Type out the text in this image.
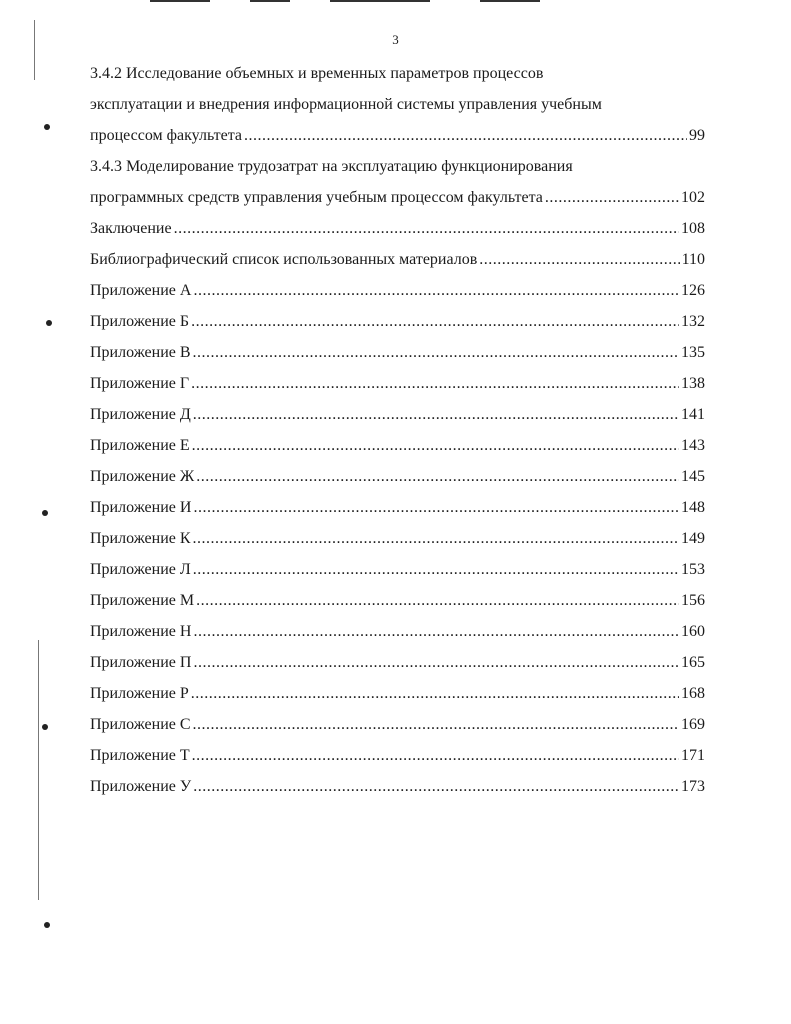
3
3.4.2 Исследование объемных и временных параметров процессов
эксплуатации и внедрения информационной системы управления учебным
процессом факультета .....	99
3.4.3 Моделирование трудозатрат на эксплуатацию функционирования
программных средств управления учебным процессом факультета .....	102
Заключение .....	108
Библиографический список использованных материалов .....	110
Приложение А .....	126
Приложение Б .....	132
Приложение В .....	135
Приложение Г .....	138
Приложение Д .....	141
Приложение Е .....	143
Приложение Ж .....	145
Приложение И .....	148
Приложение К .....	149
Приложение Л .....	153
Приложение М .....	156
Приложение Н .....	160
Приложение П .....	165
Приложение Р .....	168
Приложение С .....	169
Приложение Т .....	171
Приложение У .....	173
